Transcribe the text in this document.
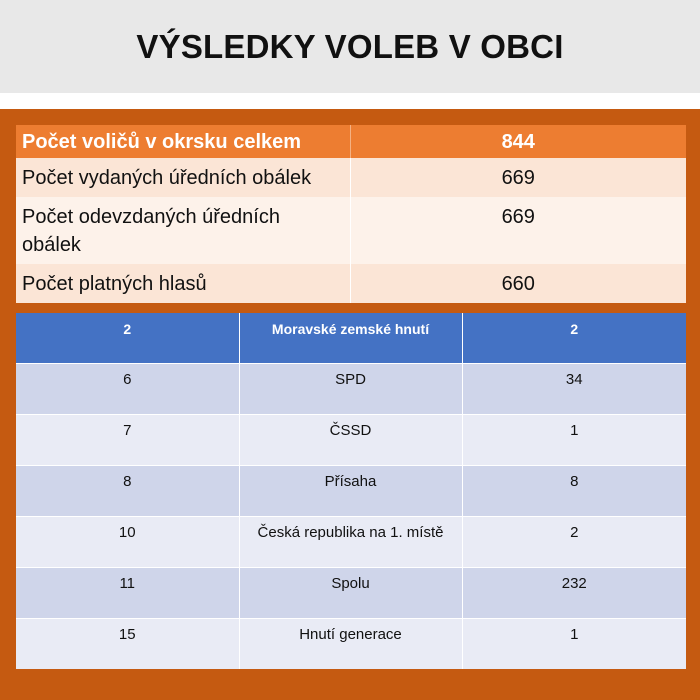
VÝSLEDKY VOLEB V OBCI
Počet voličů v okrsku celkem	844
Počet vydaných úředních obálek	669
Počet odevzdaných úředních obálek	669
Počet platných hlasů	660
2	Moravské zemské hnutí	2

6	SPD	34

7	ČSSD	1

8	Přísaha	8

10	Česká republika na 1. místě	2

11	Spolu	232

15	Hnutí generace	1
